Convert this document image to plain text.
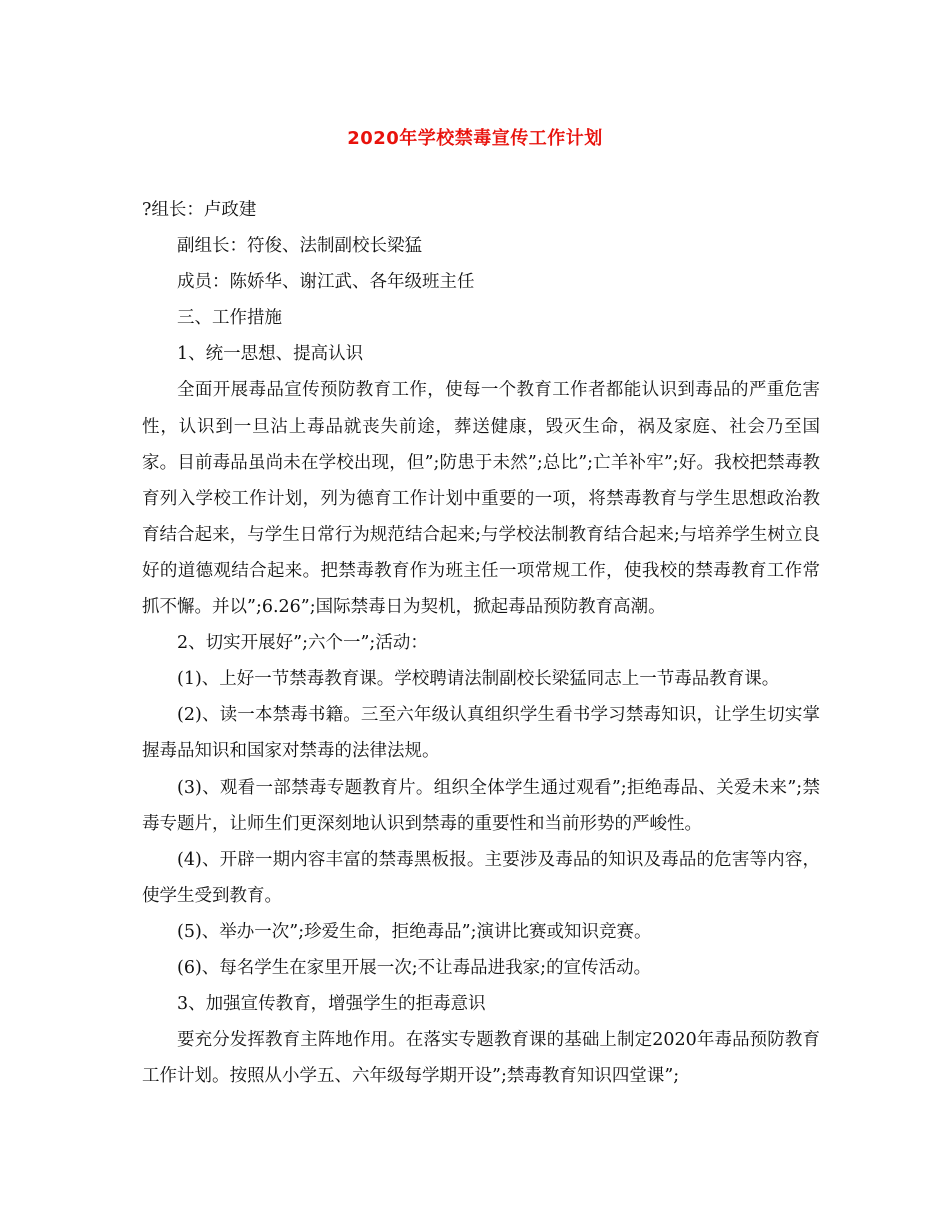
2020年学校禁毒宣传工作计划

?组长：卢政建

副组长：符俊、法制副校长梁猛

成员：陈娇华、谢江武、各年级班主任

三、工作措施

1、统一思想、提高认识

全面开展毒品宣传预防教育工作，使每一个教育工作者都能认识到毒品的严重危害性，认识到一旦沾上毒品就丧失前途，葬送健康，毁灭生命，祸及家庭、社会乃至国家。目前毒品虽尚未在学校出现，但”;防患于未然”;总比”;亡羊补牢”;好。我校把禁毒教育列入学校工作计划，列为德育工作计划中重要的一项，将禁毒教育与学生思想政治教育结合起来，与学生日常行为规范结合起来;与学校法制教育结合起来;与培养学生树立良好的道德观结合起来。把禁毒教育作为班主任一项常规工作，使我校的禁毒教育工作常抓不懈。并以”;6.26”;国际禁毒日为契机，掀起毒品预防教育高潮。

2、切实开展好”;六个一”;活动：

(1)、上好一节禁毒教育课。学校聘请法制副校长梁猛同志上一节毒品教育课。

(2)、读一本禁毒书籍。三至六年级认真组织学生看书学习禁毒知识，让学生切实掌握毒品知识和国家对禁毒的法律法规。

(3)、观看一部禁毒专题教育片。组织全体学生通过观看”;拒绝毒品、关爱未来”;禁毒专题片，让师生们更深刻地认识到禁毒的重要性和当前形势的严峻性。

(4)、开辟一期内容丰富的禁毒黑板报。主要涉及毒品的知识及毒品的危害等内容，使学生受到教育。

(5)、举办一次”;珍爱生命，拒绝毒品”;演讲比赛或知识竞赛。

(6)、每名学生在家里开展一次;不让毒品进我家;的宣传活动。

3、加强宣传教育，增强学生的拒毒意识

要充分发挥教育主阵地作用。在落实专题教育课的基础上制定2020年毒品预防教育工作计划。按照从小学五、六年级每学期开设”;禁毒教育知识四堂课”;
